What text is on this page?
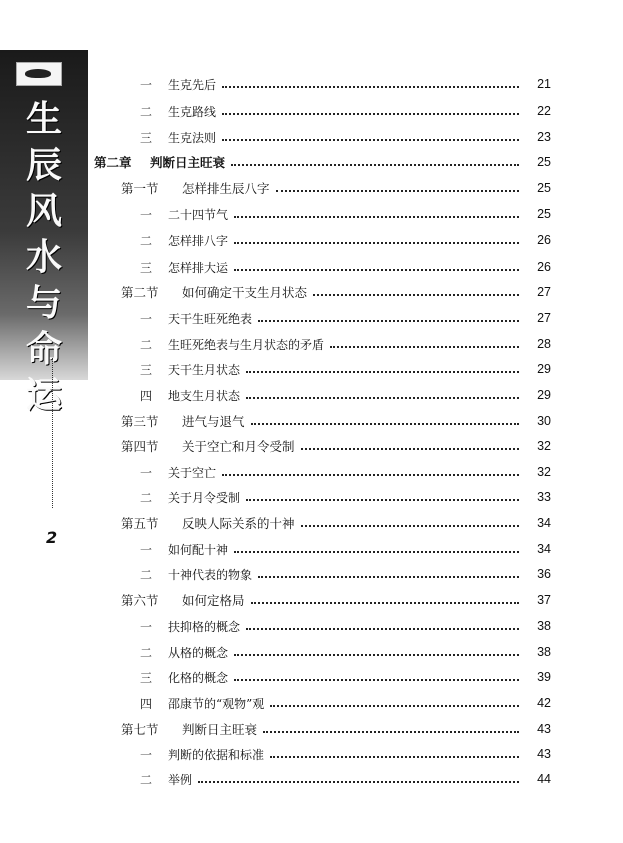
生
辰
风
水
与
命
运
2
一 生克先后	21
二 生克路线	22
三 生克法则	23
第二章 判断日主旺衰	25
第一节 怎样排生辰八字	25
一 二十四节气	25
二 怎样排八字	26
三 怎样排大运	26
第二节 如何确定干支生月状态	27
一 天干生旺死绝表	27
二 生旺死绝表与生月状态的矛盾	28
三 天干生月状态	29
四 地支生月状态	29
第三节 进气与退气	30
第四节 关于空亡和月令受制	32
一 关于空亡	32
二 关于月令受制	33
第五节 反映人际关系的十神	34
一 如何配十神	34
二 十神代表的物象	36
第六节 如何定格局	37
一 扶抑格的概念	38
二 从格的概念	38
三 化格的概念	39
四 邵康节的“观物”观	42
第七节 判断日主旺衰	43
一 判断的依据和标准	43
二 举例	44
